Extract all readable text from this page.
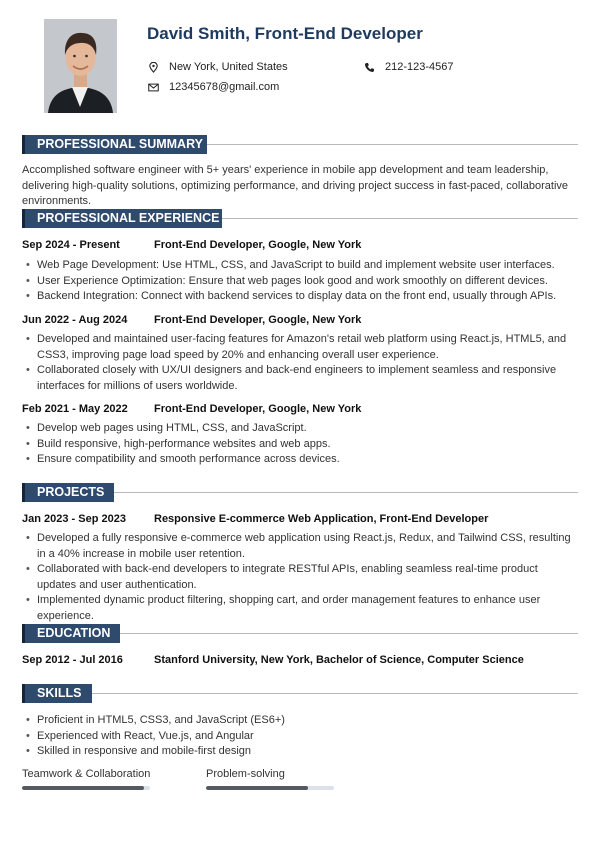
David Smith, Front-End Developer
New York, United States	212-123-4567
12345678@gmail.com
PROFESSIONAL SUMMARY

Accomplished software engineer with 5+ years' experience in mobile app development and team leadership, delivering high-quality solutions, optimizing performance, and driving project success in fast-paced, collaborative environments.

PROFESSIONAL EXPERIENCE
Sep 2024 - Present	Front-End Developer, Google, New York
• Web Page Development: Use HTML, CSS, and JavaScript to build and implement website user interfaces.
• User Experience Optimization: Ensure that web pages look good and work smoothly on different devices.
• Backend Integration: Connect with backend services to display data on the front end, usually through APIs.
Jun 2022 - Aug 2024 Front-End Developer, Google, New York
• Developed and maintained user-facing features for Amazon's retail web platform using React.js, HTML5, and CSS3, improving page load speed by 20% and enhancing overall user experience.
• Collaborated closely with UX/UI designers and back-end engineers to implement seamless and responsive interfaces for millions of users worldwide.
Feb 2021 - May 2022 Front-End Developer, Google, New York
• Develop web pages using HTML, CSS, and JavaScript.
• Build responsive, high-performance websites and web apps.
• Ensure compatibility and smooth performance across devices.
PROJECTS
Jan 2023 - Sep 2023	Responsive E-commerce Web Application, Front-End Developer
• Developed a fully responsive e-commerce web application using React.js, Redux, and Tailwind CSS, resulting in a 40% increase in mobile user retention.
• Collaborated with back-end developers to integrate RESTful APIs, enabling seamless real-time product updates and user authentication.
• Implemented dynamic product filtering, shopping cart, and order management features to enhance user experience.
EDUCATION
Sep 2012 - Jul 2016	Stanford University, New York, Bachelor of Science, Computer Science
SKILLS
• Proficient in HTML5, CSS3, and JavaScript (ES6+)
• Experienced with React, Vue.js, and Angular
• Skilled in responsive and mobile-first design
Teamwork & Collaboration	Problem-solving
